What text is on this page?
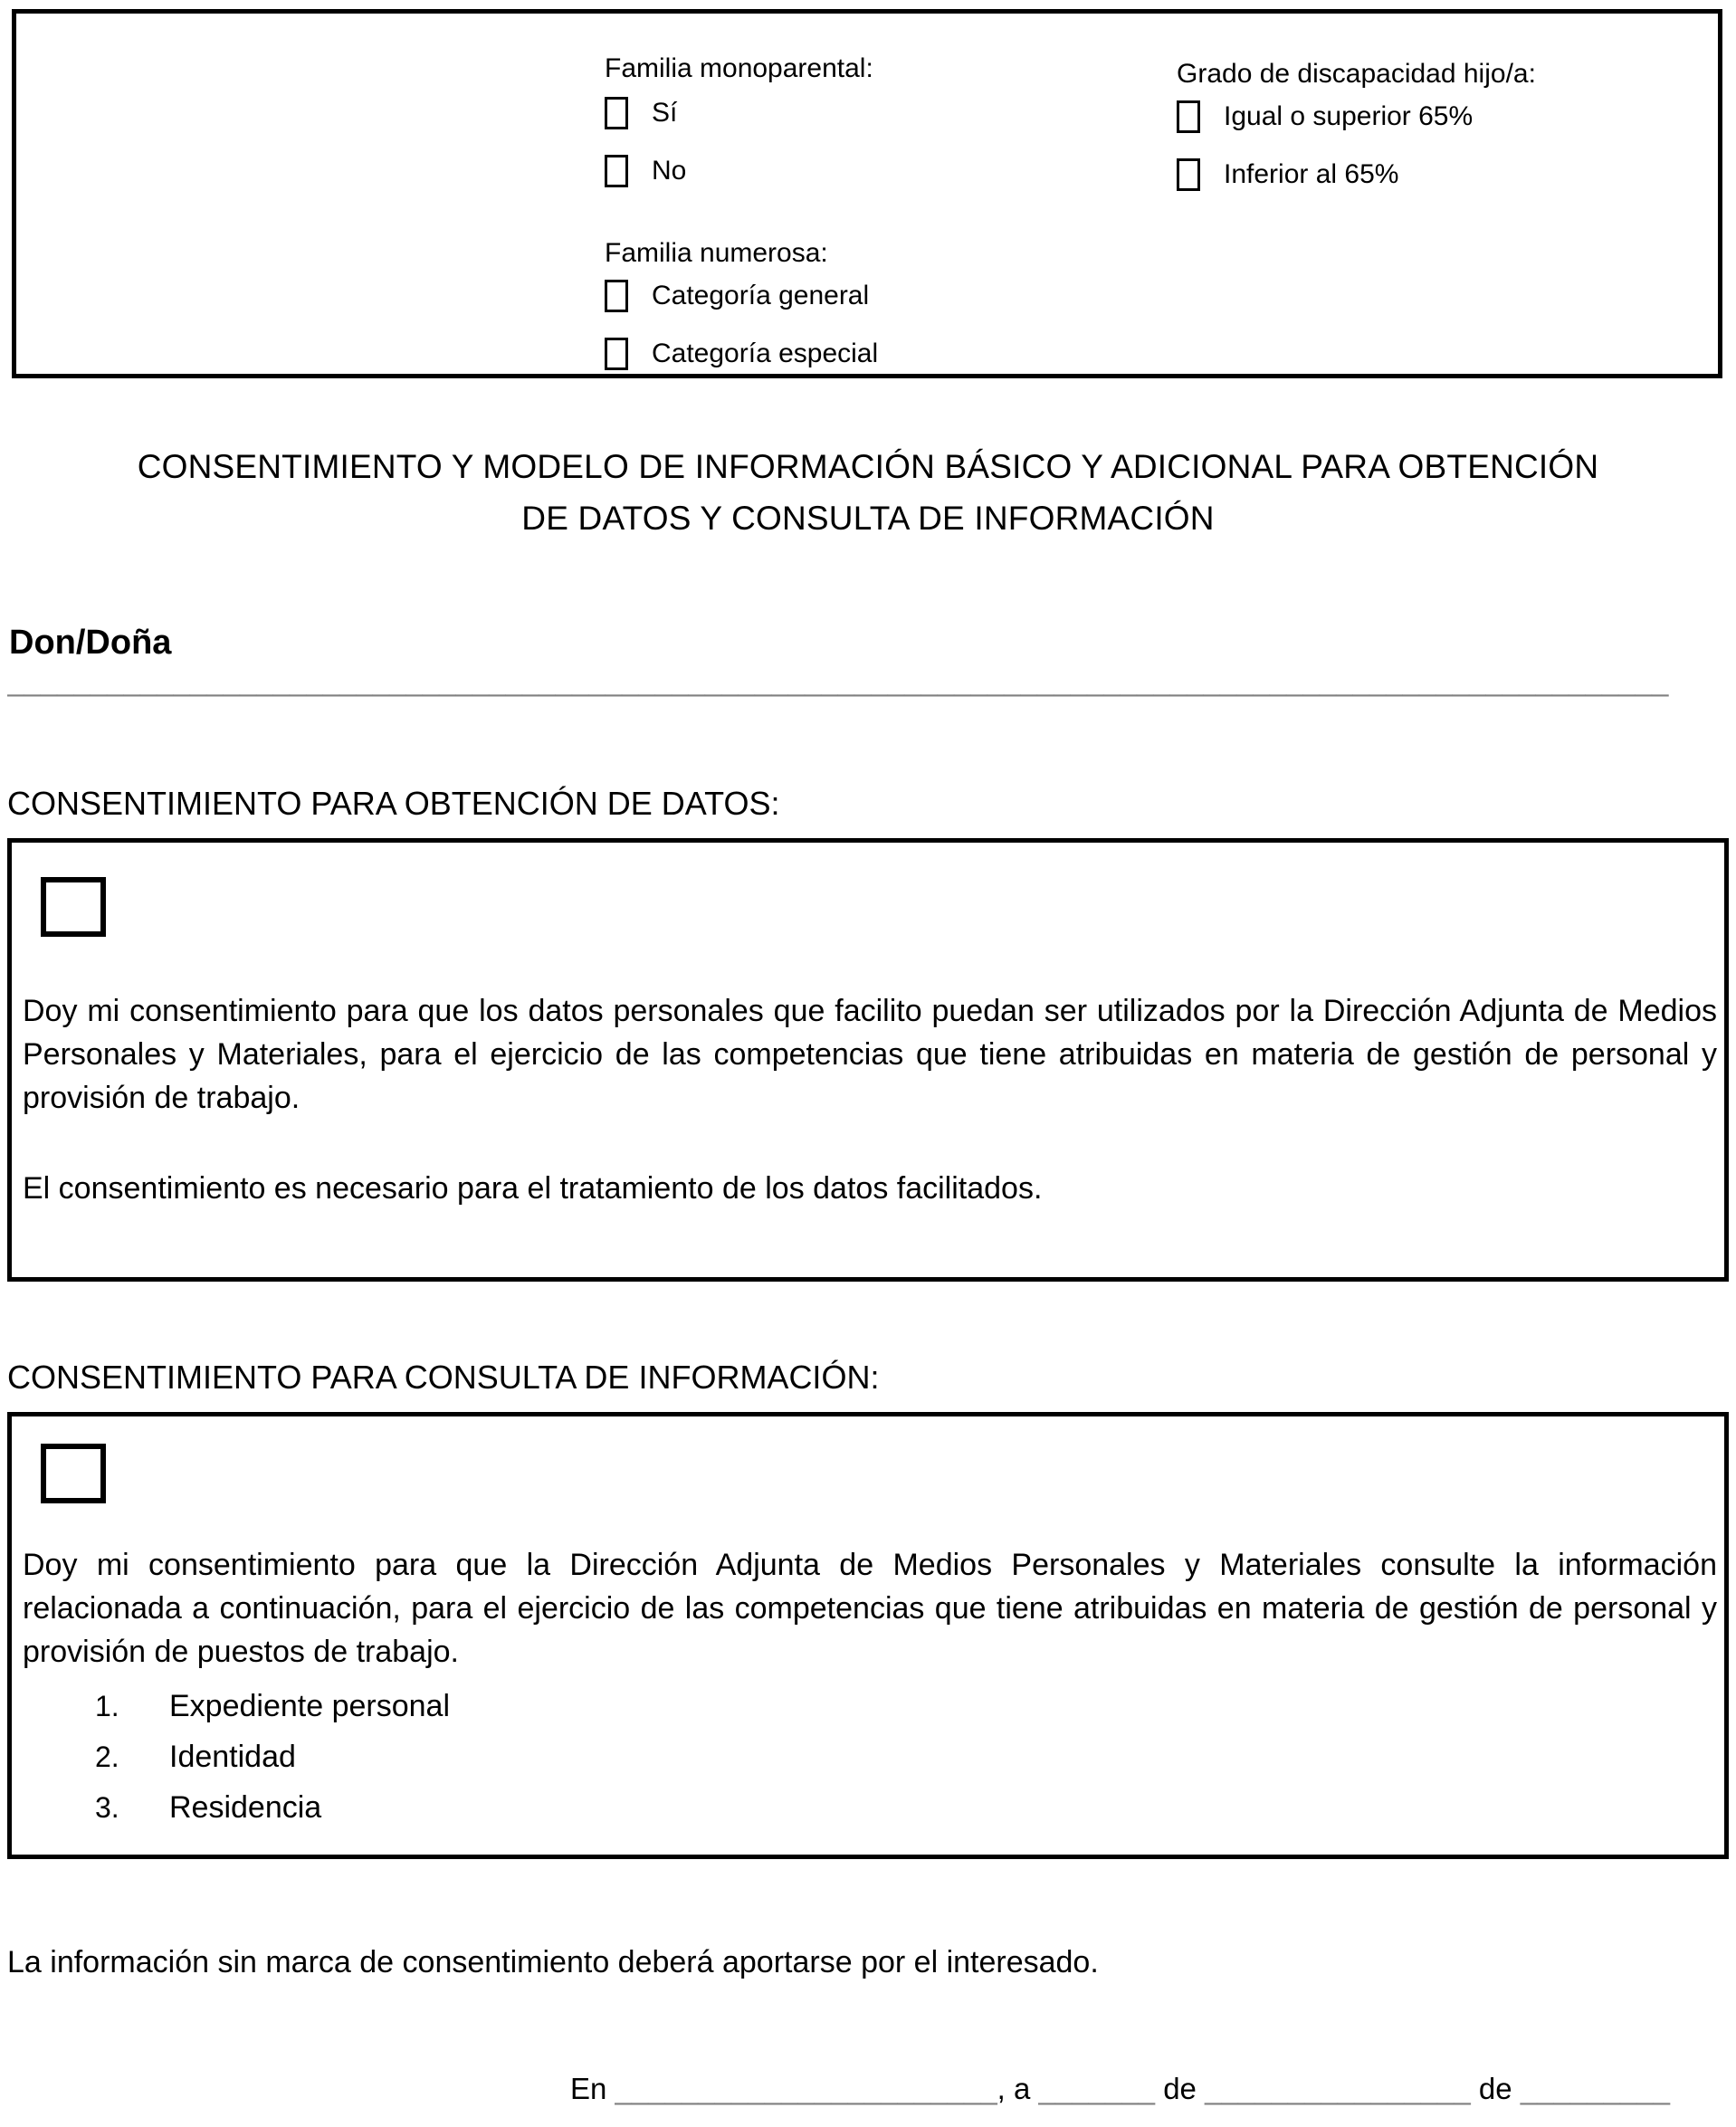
Familia monoparental:
Sí
No
Familia numerosa:
Categoría general
Categoría especial
Grado de discapacidad hijo/a:
Igual o superior 65%
Inferior al 65%
CONSENTIMIENTO Y MODELO DE INFORMACIÓN BÁSICO Y ADICIONAL PARA OBTENCIÓN
DE DATOS Y CONSULTA DE INFORMACIÓN
Don/Doña
____________________________________________________________________________________________________
CONSENTIMIENTO PARA OBTENCIÓN DE DATOS:

Doy mi consentimiento para que los datos personales que facilito puedan ser utilizados por la Dirección Adjunta de Medios Personales y Materiales, para el ejercicio de las competencias que tiene atribuidas en materia de gestión de personal y provisión de trabajo.

El consentimiento es necesario para el tratamiento de los datos facilitados.

CONSENTIMIENTO PARA CONSULTA DE INFORMACIÓN:

Doy mi consentimiento para que la Dirección Adjunta de Medios Personales y Materiales consulte la información relacionada a continuación, para el ejercicio de las competencias que tiene atribuidas en materia de gestión de personal y provisión de puestos de trabajo.

1.	Expediente personal
2.	Identidad
3.	Residencia
La información sin marca de consentimiento deberá aportarse por el interesado.
En _______________________, a _______ de ________________ de _________
